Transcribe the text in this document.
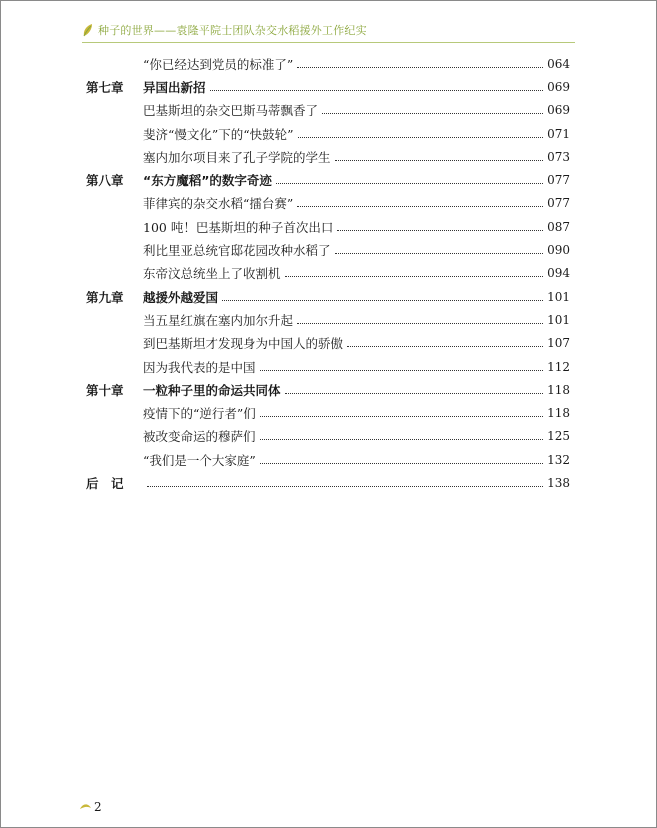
种子的世界——袁隆平院士团队杂交水稻援外工作纪实
“你已经达到党员的标准了”	064
第七章	异国出新招	069
巴基斯坦的杂交巴斯马蒂飘香了	069
斐济“慢文化”下的“快鼓轮”	071
塞内加尔项目来了孔子学院的学生	073
第八章	“东方魔稻”的数字奇迹	077
菲律宾的杂交水稻“擂台赛”	077
100 吨！巴基斯坦的种子首次出口	087
利比里亚总统官邸花园改种水稻了	090
东帝汶总统坐上了收割机	094
第九章	越援外越爱国	101
当五星红旗在塞内加尔升起	101
到巴基斯坦才发现身为中国人的骄傲	107
因为我代表的是中国	112
第十章	一粒种子里的命运共同体	118
疫情下的“逆行者”们	118
被改变命运的穆萨们	125
“我们是一个大家庭”	132
后　记	138
2
